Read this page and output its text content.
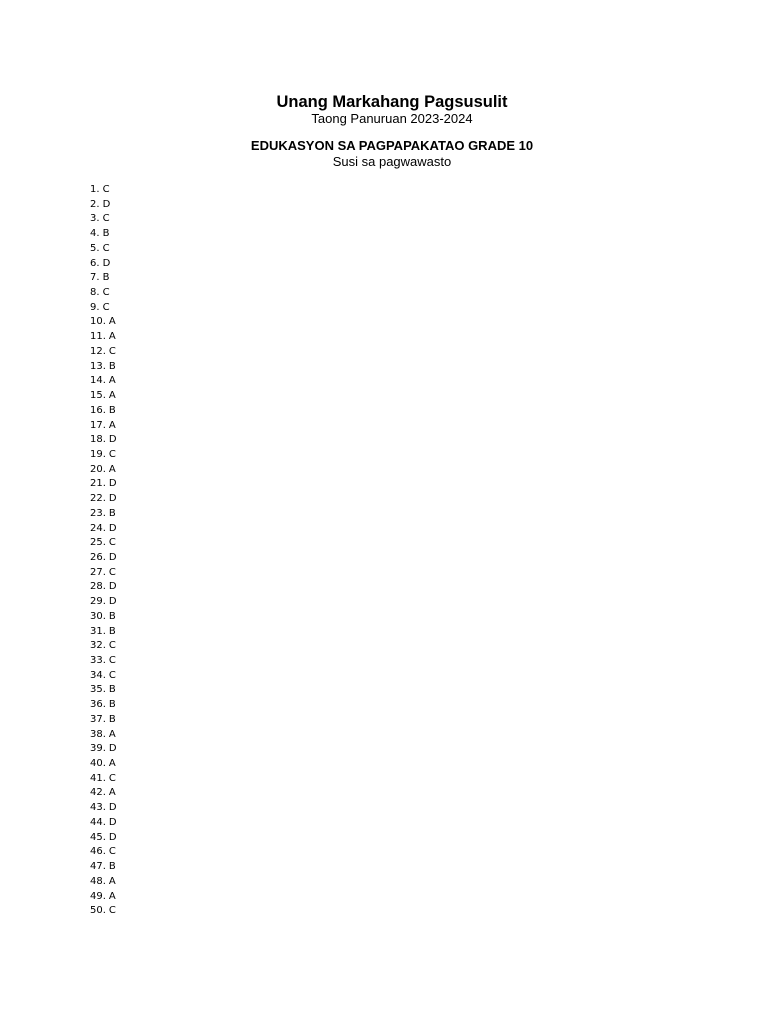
Unang Markahang Pagsusulit
Taong Panuruan 2023-2024
EDUKASYON SA PAGPAPAKATAO GRADE 10
Susi sa pagwawasto
1 . C
2 . D
3 . C
4 . B
5 . C
6 . D
7 . B
8 . C
9 . C
10 . A
11 . A
12 . C
13 . B
14 . A
15 . A
16 . B
17 . A
18 . D
19 . C
20 . A
21 . D
22 . D
23 . B
24 . D
25 . C
26 . D
27 . C
28 . D
29 . D
30 . B
31 . B
32 . C
33 . C
34 . C
35 . B
36 . B
37 . B
38 . A
39 . D
40 . A
41 . C
42 . A
43 . D
44 . D
45 . D
46 . C
47 . B
48 . A
49 . A
50 . C
